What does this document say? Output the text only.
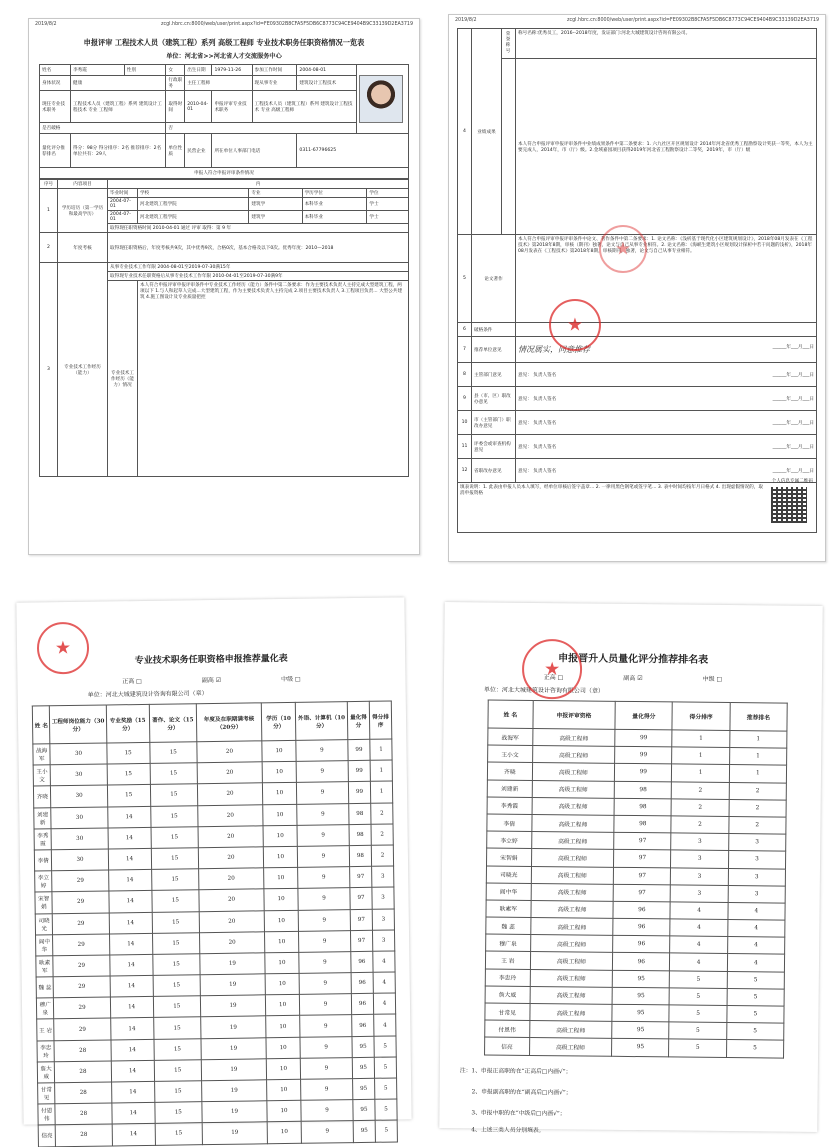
2019/8/2	zcgl.hbrc.cn:8000/web/user/print.aspx?id=FE09302B8CFA5F5DB6C8773C94CE9404B9C33139D2EA3719
申报评审 工程技术人员（建筑工程）系列 高级工程师 专业技术职务任职资格情况一览表
单位：河北省>>河北省人才交流服务中心
姓名	李秀霞	性别	女	出生日期	1979-11-26	参加工作时间	2004-08-01	

身体状况	健康		行政职务	主任工程师		现从事专业	建筑设计工程技术	
现任专业技术职务	工程技术人员（建筑工程）系列 建筑设计工程技术 专业 工程师		取得时间	2010-04-01	申报评审专业技术职务	工程技术人员（建筑工程）系列 建筑设计工程技术 专业 高级工程师		
是否破格			否					
量化评分推荐排名	得分：98分 得分排序：2名 推荐排序：2名 单位共有：29人		单位性质	民营企业	所在单位人事部门电话		0311-67796625	
申报人符合申报评审条件情况								
序号	内容项目	内				
1	学历培历（第一学历和最高学历）	毕业时间	学校	专业	学历学位	学位
		2004-07-01	河北建筑工程学院	建筑学	本科毕业	学士
		2004-07-01	河北建筑工程学院	建筑学	本科毕业	学士
		取得现任职资格时间 2010-04-01 通过 评审 取得：第 9 年				
2	年度考核	取得现任职资格后，年度考核共9次，其中优秀9次，合格0次，基本合格及以下0次。优秀年度：2010—2018				
3	专业技术工作经历（能力）	从事专业技术工作年限 2004-08-01至2019-07-30满15年				
		取得现专业技术任职资格后从事专业技术工作年限 2010-04-01至2019-07-30满9年				
		专业技术工作经历（能力）情况	本人符合申报评审申报评审条件中专业技术工作经历（能力）条件中第二条要求：作为主要技术负责人主持完成大型建筑工程，两项以下 1.与人和起草人完成...大型建筑工程，作为主要技术负责人主持完成 2.项目主要技术负责人 3.工程项目负责... 大型公共建筑 4.施工图设计及专业质量把控			
2019/8/2	zcgl.hbrc.cn:8000/web/user/print.aspx?id=FE09302B8CFA5F5DB6C8773C94CE9404B9C33139D2EA3719
4	业绩成果	荣誉称号	称号名称:优秀员工，2016--2018年度，发证部门:河北大城建筑设计咨询有限公司。
			本人符合申报评审申报评审条件中业绩成果条件中第二条要求：1. 六九社区开区规划设计 2014年河北省优秀工程勘察设计奖获一等奖，本人为主要完成人，2014年，市（厅）级。2.金域嘉园项目获得2019年河北省工程勘察设计二等奖，2019年，市（厅）级
5	论文著作		本人符合申报评审申报评审条件中论文、著作条件中第二条要求：1. 论文名称：《浅析基于现代化小区建筑规划设计》，2018年08月发表在《工程技术》第2018年8期，审核（期刊）独著，论文与自己从事专业相符。2. 论文名称：《海峡生建筑小区规划设计探析中若干问题的浅析》，2018年08月发表在《工程技术》第2018年8期，审核期刊，独著，论文与自己从事专业相符。
6	破格条件		
7	推荐单位意见		情况属实，同意推荐 ______年___月___日

8	主管部门意见		意见： 负责人签名 ______年___月___日

9	县（市、区）职改办意见		意见： 负责人签名 ______年___月___日

10	市（主管部门）职改办意见		意见： 负责人签名 ______年___月___日

11	评委会或审查机构意见		意见： 负责人签名 ______年___月___日

12	省职改办意见		意见： 负责人签名 ______年___月___日

填表说明：1. 此表由申报人员本人填写，经单位审核后签字盖章... 2. 一律用黑色钢笔或签字笔... 3. 表中时间均按年月日格式 4. 出现虚假情况的，取消申报资格			
★
★
个人信息专属二维码
★
专业技术职务任职资格申报推荐量化表
正高 □	副高 ☑	中级 □
单位：河北大城建筑设计咨询有限公司（章）
姓 名	工程师岗位能力（30分）	专业奖励（15分）	著作、论文（15分）	年度及在职期满考核（20分）	学历（10分）	外语、计算机（10分）	量化得分	得分排序
战海军	30	15	15	20	10	9	99	1
王小文	30	15	15	20	10	9	99	1
齐晓	30	15	15	20	10	9	99	1
刘建新	30	14	15	20	10	9	98	2
李秀霞	30	14	15	20	10	9	98	2
李倩	30	14	15	20	10	9	98	2
李立婷	29	14	15	20	10	9	97	3
宋智娟	29	14	15	20	10	9	97	3
司晓光	29	14	15	20	10	9	97	3
阎中华	29	14	15	20	10	9	97	3
耿素军	29	14	15	19	10	9	96	4
魏 蕊	29	14	15	19	10	9	96	4
穆广泉	29	14	15	19	10	9	96	4
王 岩	29	14	15	19	10	9	96	4
李忠玲	28	14	15	19	10	9	95	5
詹大威	28	14	15	19	10	9	95	5
甘常见	28	14	15	19	10	9	95	5
付恩伟	28	14	15	19	10	9	95	5
信亮	28	14	15	19	10	9	95	5
申报晋升人员量化评分推荐排名表
正高 □	副高 ☑	中级 □
单位：河北大城建筑设计咨询有限公司（章）
姓 名	申报评审资格	量化得分	得分排序	推荐排名
战海军	高级工程师	99	1	1
王小文	高级工程师	99	1	1
齐晓	高级工程师	99	1	1
刘建新	高级工程师	98	2	2
李秀霞	高级工程师	98	2	2
李倩	高级工程师	98	2	2
李立婷	高级工程师	97	3	3
宋智娟	高级工程师	97	3	3
司晓光	高级工程师	97	3	3
阎中华	高级工程师	97	3	3
耿素军	高级工程师	96	4	4
魏 蕊	高级工程师	96	4	4
穆广泉	高级工程师	96	4	4
王 岩	高级工程师	96	4	4
李忠玲	高级工程师	95	5	5
詹大威	高级工程师	95	5	5
甘常见	高级工程师	95	5	5
付恩伟	高级工程师	95	5	5
信亮	高级工程师	95	5	5
注：1、申报正高职的在“正高后□内画√”；
2、申报副高职的在“副高后□内画√”；
3、申报中职的在“中级后□内画√”；
4、上述三类人员分别填表。
★
